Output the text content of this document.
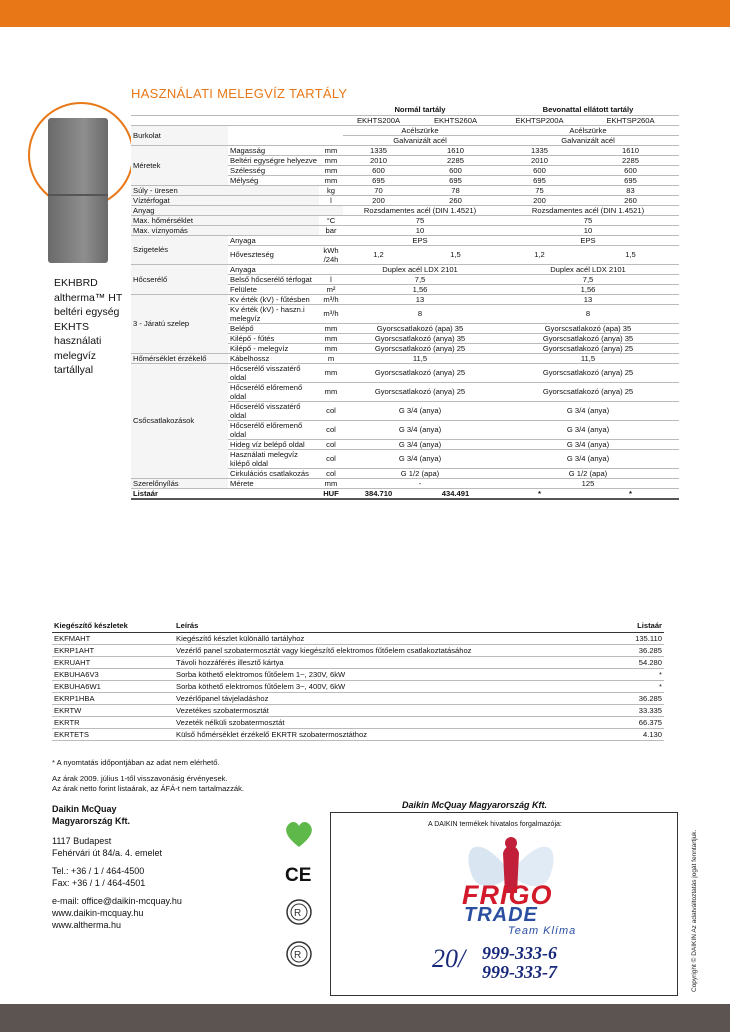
HASZNÁLATI MELEGVÍZ TARTÁLY
EKHBRD
altherma™ HT
beltéri egység
EKHTS
használati
melegvíz
tartállyal
			Normál tartály		Bevonattal ellátott tartály	
			EKHTS200A	EKHTS260A	EKHTSP200A	EKHTSP260A
Burkolat			Acélszürke		Acélszürke	
			Galvanizált acél		Galvanizált acél	
Méretek	Magasság	mm	1335	1610	1335	1610
	Beltéri egységre helyezve	mm	2010	2285	2010	2285
	Szélesség	mm	600	600	600	600
	Mélység	mm	695	695	695	695
Súly - üresen		kg	70	78	75	83
Víztérfogat		l	200	260	200	260
Anyag			Rozsdamentes acél (DIN 1.4521)		Rozsdamentes acél (DIN 1.4521)	
Max. hőmérséklet		°C	75		75	
Max. víznyomás		bar	10		10	
Szigetelés	Anyaga		EPS		EPS	
	Hőveszteség	kWh /24h	1,2	1,5	1,2	1,5
Hőcserélő	Anyaga		Duplex acél LDX 2101		Duplex acél LDX 2101	
	Belső hőcserélő térfogat	l	7,5		7,5	
	Felülete	m²	1,56		1,56	
3 - Járatú szelep	Kv érték (kV) - fűtésben	m³/h	13		13	
	Kv érték (kV) - haszn.i melegvíz	m³/h	8		8	
	Belépő	mm	Gyorscsatlakozó (apa) 35		Gyorscsatlakozó (apa) 35	
	Kilépő - fűtés	mm	Gyorscsatlakozó (anya) 35		Gyorscsatlakozó (anya) 35	
	Kilépő - melegvíz	mm	Gyorscsatlakozó (anya) 25		Gyorscsatlakozó (anya) 25	
Hőmérséklet érzékelő	Kábelhossz	m	11,5		11,5	
Csőcsatlakozások	Hőcserélő visszatérő oldal	mm	Gyorscsatlakozó (anya) 25		Gyorscsatlakozó (anya) 25	
	Hőcserélő előremenő oldal	mm	Gyorscsatlakozó (anya) 25		Gyorscsatlakozó (anya) 25	
	Hőcserélő visszatérő oldal	col	G 3/4 (anya)		G 3/4 (anya)	
	Hőcserélő előremenő oldal	col	G 3/4 (anya)		G 3/4 (anya)	
	Hideg víz belépő oldal	col	G 3/4 (anya)		G 3/4 (anya)	
	Használati melegvíz kilépő oldal	col	G 3/4 (anya)		G 3/4 (anya)	
	Cirkulációs csatlakozás	col	G 1/2 (apa)		G 1/2 (apa)	
Szerelőnyílás	Mérete	mm	-		125	
Listaár		HUF	384.710	434.491	*	*
Kiegészítő készletek	Leírás	Listaár
EKFMAHT	Kiegészítő készlet különálló tartályhoz	135.110
EKRP1AHT	Vezérlő panel szobatermosztát vagy kiegészítő elektromos fűtőelem csatlakoztatásához	36.285
EKRUAHT	Távoli hozzáférés illesztő kártya	54.280
EKBUHA6V3	Sorba köthető elektromos fűtőelem 1~, 230V, 6kW	*
EKBUHA6W1	Sorba köthető elektromos fűtőelem 3~, 400V, 6kW	*
EKRP1HBA	Vezérlőpanel távjeladáshoz	36.285
EKRTW	Vezetékes szobatermosztát	33.335
EKRTR	Vezeték nélküli szobatermosztát	66.375
EKRTETS	Külső hőmérséklet érzékelő EKRTR szobatermosztáthoz	4.130
* A nyomtatás időpontjában az adat nem elérhető.
Az árak 2009. július 1-től visszavonásig érvényesek.
Az árak netto forint listaárak, az ÁFÁ-t nem tartalmazzák.
Daikin McQuay
Magyarország Kft.
1117 Budapest
Fehérvári út 84/a. 4. emelet
Tel.: +36 / 1 / 464-4500
Fax: +36 / 1 / 464-4501
e-mail: office@daikin-mcquay.hu
www.daikin-mcquay.hu
www.altherma.hu
CE
R
R
Daikin McQuay Magyarország Kft.
A DAIKIN termékek hivatalos forgalmazója:
FRIGO
TRADE
Team Klíma
20/ 999-333-6
999-333-7	Copyright © DAIKIN Az adatváltoztatás jogát fenntartjuk.
